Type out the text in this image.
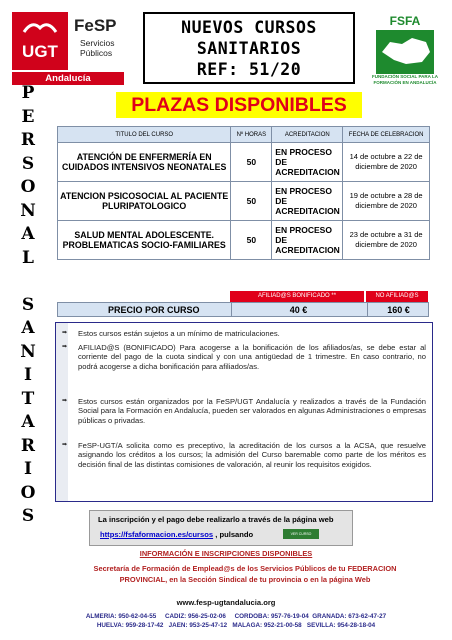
UGT
FeSP
Servicios Públicos
Andalucía
NUEVOS CURSOS
SANITARIOS
REF: 51/20
FSFA
FUNDACIÓN SOCIAL PARA LA FORMACIÓN EN ANDALUCÍA
P
E
R
S
O
N
A
L
S
A
N
I
T
A
R
I
O
S
PLAZAS DISPONIBLES
TITULO DEL CURSO	Nº HORAS	ACREDITACION	FECHA DE CELEBRACION
ATENCIÓN DE ENFERMERÍA EN CUIDADOS INTENSIVOS NEONATALES	50	EN PROCESO DE ACREDITACION	14 de octubre a 22 de diciembre de 2020
ATENCION PSICOSOCIAL AL PACIENTE PLURIPATOLOGICO	50	EN PROCESO DE ACREDITACION	19 de octubre a 28 de diciembre de 2020
SALUD MENTAL ADOLESCENTE. PROBLEMATICAS SOCIO-FAMILIARES	50	EN PROCESO DE ACREDITACION	23 de octubre a 31 de diciembre de 2020
AFILIAD@S BONIFICADO **	NO AFILIAD@S
PRECIO POR CURSO	40 €	160 €
➡	Estos cursos están sujetos a un mínimo de matriculaciones.
➡	AFILIAD@S (BONIFICADO) Para acogerse a la bonificación de los afiliados/as, se debe estar al corriente del pago de la cuota sindical y con una antigüedad de 1 trimestre. En caso contrario, no podrá acogerse a dicha bonificación para afiliados/as.
➡	Estos cursos están organizados por la FeSP/UGT Andalucía y realizados a través de la Fundación Social para la Formación en Andalucía, pueden ser valorados en algunas Administraciones o empresas públicas o privadas.
➡	FeSP-UGT/A solicita como es preceptivo, la acreditación de los cursos a la ACSA, que resuelve asignando los créditos a los cursos; la admisión del Curso baremable como parte de los méritos es decisión final de las distintas comisiones de valoración, al reunir los requisitos exigidos.
La inscripción y el pago debe realizarlo a través de la página web
https://fsfaformacion.es/cursos , pulsando	VER CURSO
INFORMACIÓN E INSCRIPCIONES DISPONIBLES
Secretaría de Formación de Emplead@s de los Servicios Públicos de tu FEDERACION
PROVINCIAL, en la Sección Sindical de tu provincia o en la página Web
www.fesp-ugtandalucia.org
ALMERIA: 950-62-04-55     CADIZ: 956-25-02-06     CORDOBA: 957-76-19-04  GRANADA: 673-62-47-27
HUELVA: 959-28-17-42   JAEN: 953-25-47-12   MALAGA: 952-21-00-58   SEVILLA: 954-28-18-04
